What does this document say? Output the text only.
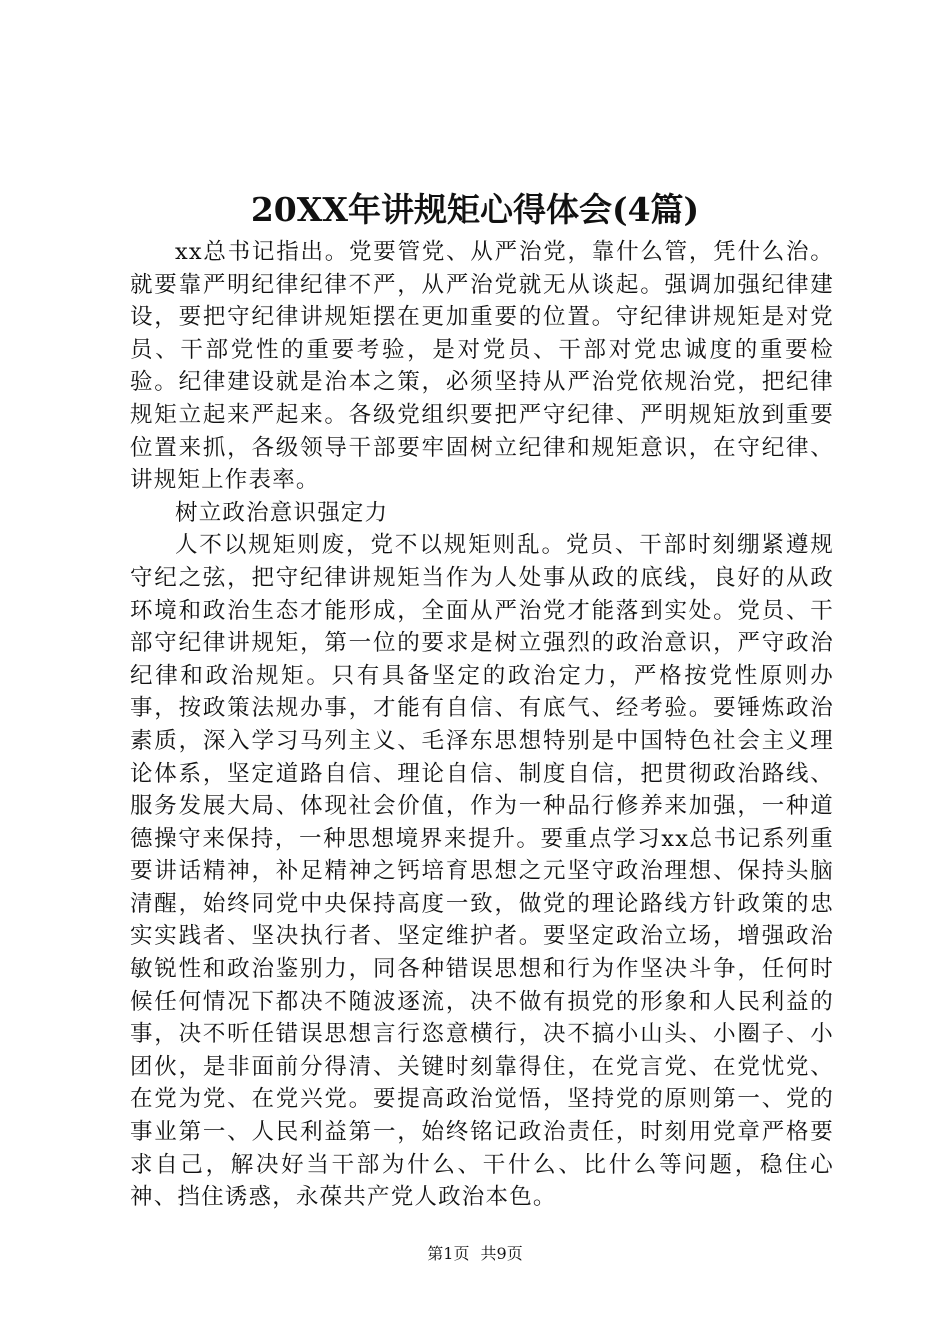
20XX年讲规矩心得体会(4篇)

xx总书记指出。党要管党、从严治党，靠什么管，凭什么治。就要靠严明纪律纪律不严，从严治党就无从谈起。强调加强纪律建设，要把守纪律讲规矩摆在更加重要的位置。守纪律讲规矩是对党员、干部党性的重要考验，是对党员、干部对党忠诚度的重要检验。纪律建设就是治本之策，必须坚持从严治党依规治党，把纪律规矩立起来严起来。各级党组织要把严守纪律、严明规矩放到重要位置来抓，各级领导干部要牢固树立纪律和规矩意识，在守纪律、讲规矩上作表率。

树立政治意识强定力

人不以规矩则废，党不以规矩则乱。党员、干部时刻绷紧遵规守纪之弦，把守纪律讲规矩当作为人处事从政的底线，良好的从政环境和政治生态才能形成，全面从严治党才能落到实处。党员、干部守纪律讲规矩，第一位的要求是树立强烈的政治意识，严守政治纪律和政治规矩。只有具备坚定的政治定力，严格按党性原则办事，按政策法规办事，才能有自信、有底气、经考验。要锤炼政治素质，深入学习马列主义、毛泽东思想特别是中国特色社会主义理论体系，坚定道路自信、理论自信、制度自信，把贯彻政治路线、服务发展大局、体现社会价值，作为一种品行修养来加强，一种道德操守来保持，一种思想境界来提升。要重点学习xx总书记系列重要讲话精神，补足精神之钙培育思想之元坚守政治理想、保持头脑清醒，始终同党中央保持高度一致，做党的理论路线方针政策的忠实实践者、坚决执行者、坚定维护者。要坚定政治立场，增强政治敏锐性和政治鉴别力，同各种错误思想和行为作坚决斗争，任何时候任何情况下都决不随波逐流，决不做有损党的形象和人民利益的事，决不听任错误思想言行恣意横行，决不搞小山头、小圈子、小团伙，是非面前分得清、关键时刻靠得住，在党言党、在党忧党、在党为党、在党兴党。要提高政治觉悟，坚持党的原则第一、党的事业第一、人民利益第一，始终铭记政治责任，时刻用党章严格要求自己，解决好当干部为什么、干什么、比什么等问题，稳住心神、挡住诱惑，永葆共产党人政治本色。

第1页 共9页
